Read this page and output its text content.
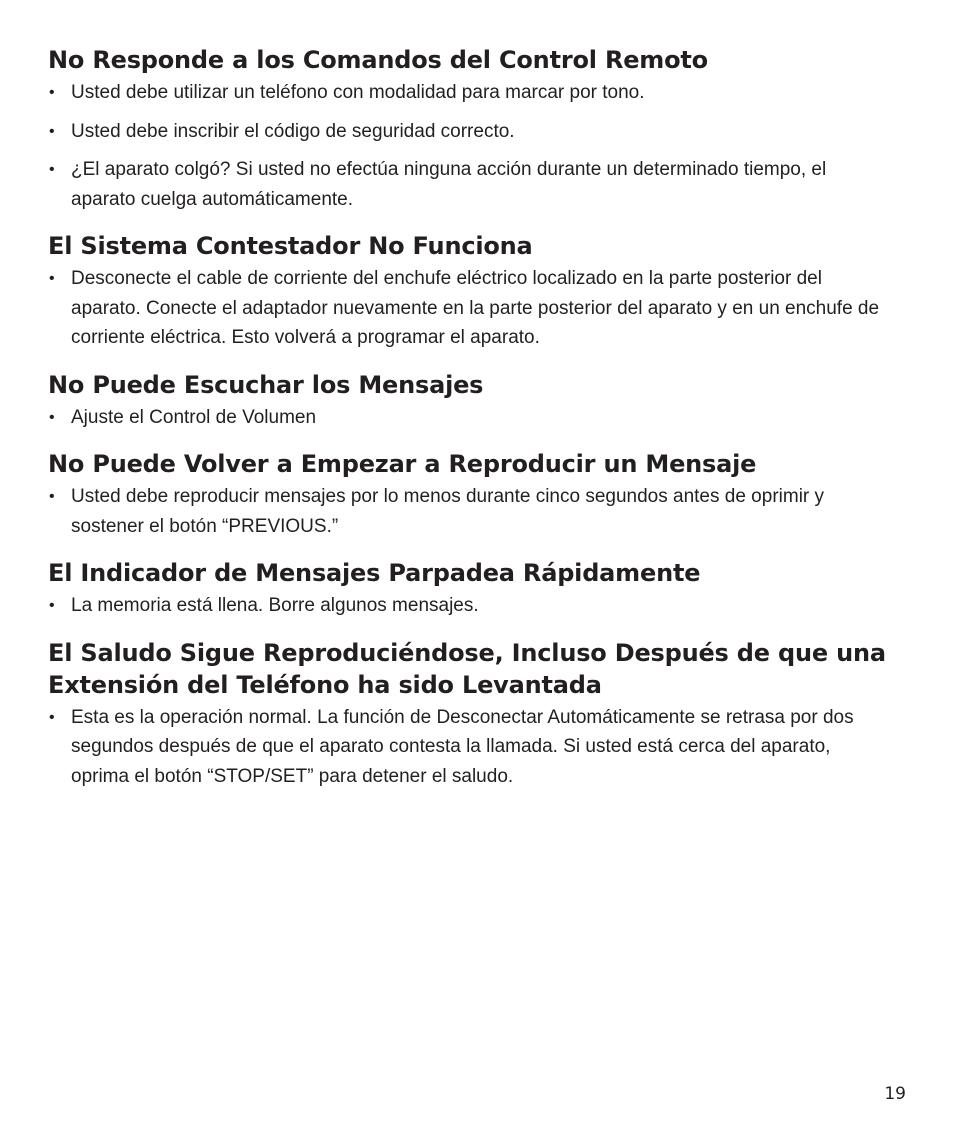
No Responde a los Comandos del Control Remoto
• Usted debe utilizar un teléfono con modalidad para marcar por tono.
• Usted debe inscribir el código de seguridad correcto.
• ¿El aparato colgó? Si usted no efectúa ninguna acción durante un determinado tiempo, el aparato cuelga automáticamente.
El Sistema Contestador No Funciona
• Desconecte el cable de corriente del enchufe eléctrico localizado en la parte posterior del aparato. Conecte el adaptador nuevamente en la parte posterior del aparato y en un enchufe de corriente eléctrica. Esto volverá a programar el aparato.
No Puede Escuchar los Mensajes
• Ajuste el Control de Volumen
No Puede Volver a Empezar a Reproducir un Mensaje
• Usted debe reproducir mensajes por lo menos durante cinco segundos antes de oprimir y sostener el botón “PREVIOUS.”
El Indicador de Mensajes Parpadea Rápidamente
• La memoria está llena. Borre algunos mensajes.
El Saludo Sigue Reproduciéndose, Incluso Después de que una Extensión del Teléfono ha sido Levantada
• Esta es la operación normal. La función de Desconectar Automáticamente se retrasa por dos segundos después de que el aparato contesta la llamada. Si usted está cerca del aparato, oprima el botón “STOP/SET” para detener el saludo.
19
